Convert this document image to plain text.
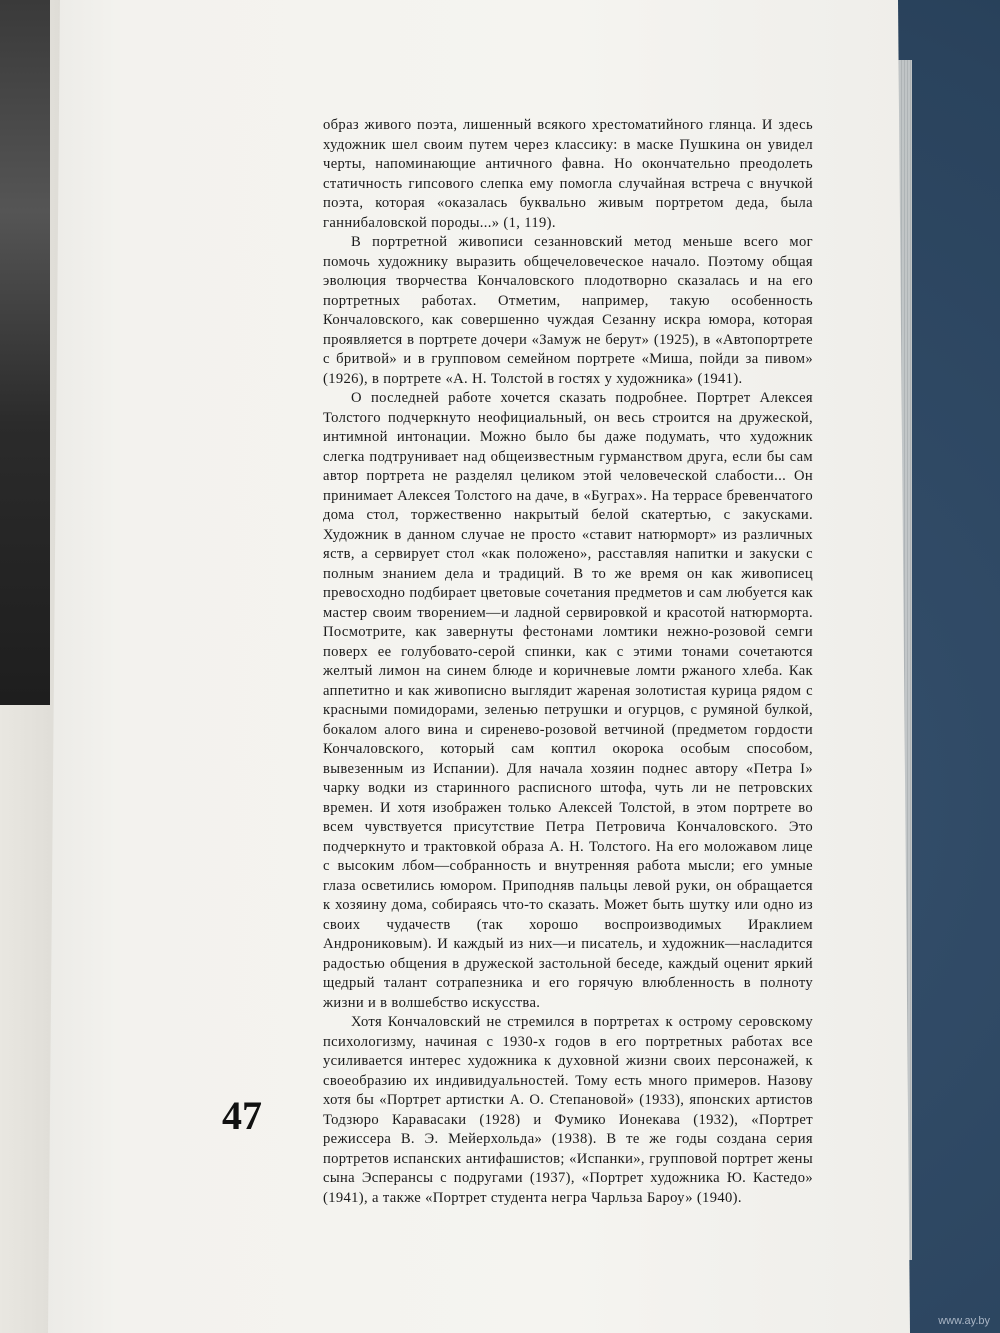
образ живого поэта, лишенный всякого хрестоматийного глянца. И здесь художник шел своим путем через классику: в маске Пушкина он увидел черты, напоминающие античного фавна. Но окончательно преодолеть статичность гипсового слепка ему помогла случайная встреча с внучкой поэта, которая «оказалась буквально живым портретом деда, была ганнибаловской породы...» (1, 119).

В портретной живописи сезанновский метод меньше всего мог помочь художнику выразить общечеловеческое начало. Поэтому общая эволюция творчества Кончаловского плодотворно сказалась и на его портретных работах. Отметим, например, такую особенность Кончаловского, как совершенно чуждая Сезанну искра юмора, которая проявляется в портрете дочери «Замуж не берут» (1925), в «Автопортрете с бритвой» и в групповом семейном портрете «Миша, пойди за пивом» (1926), в портрете «А. Н. Толстой в гостях у художника» (1941).

О последней работе хочется сказать подробнее. Портрет Алексея Толстого подчеркнуто неофициальный, он весь строится на дружеской, интимной интонации. Можно было бы даже подумать, что художник слегка подтрунивает над общеизвестным гурманством друга, если бы сам автор портрета не разделял целиком этой человеческой слабости... Он принимает Алексея Толстого на даче, в «Буграх». На террасе бревенчатого дома стол, торжественно накрытый белой скатертью, с закусками. Художник в данном случае не просто «ставит натюрморт» из различных яств, а сервирует стол «как положено», расставляя напитки и закуски с полным знанием дела и традиций. В то же время он как живописец превосходно подбирает цветовые сочетания предметов и сам любуется как мастер своим творением—и ладной сервировкой и красотой натюрморта. Посмотрите, как завернуты фестонами ломтики нежно-розовой семги поверх ее голубовато-серой спинки, как с этими тонами сочетаются желтый лимон на синем блюде и коричневые ломти ржаного хлеба. Как аппетитно и как живописно выглядит жареная золотистая курица рядом с красными помидорами, зеленью петрушки и огурцов, с румяной булкой, бокалом алого вина и сиренево-розовой ветчиной (предметом гордости Кончаловского, который сам коптил окорока особым способом, вывезенным из Испании). Для начала хозяин поднес автору «Петра I» чарку водки из старинного расписного штофа, чуть ли не петровских времен. И хотя изображен только Алексей Толстой, в этом портрете во всем чувствуется присутствие Петра Петровича Кончаловского. Это подчеркнуто и трактовкой образа А. Н. Толстого. На его моложавом лице с высоким лбом—собранность и внутренняя работа мысли; его умные глаза осветились юмором. Приподняв пальцы левой руки, он обращается к хозяину дома, собираясь что-то сказать. Может быть шутку или одно из своих чудачеств (так хорошо воспроизводимых Ираклием Андрониковым). И каждый из них—и писатель, и художник—насладится радостью общения в дружеской застольной беседе, каждый оценит яркий щедрый талант сотрапезника и его горячую влюбленность в полноту жизни и в волшебство искусства.

Хотя Кончаловский не стремился в портретах к острому серовскому психологизму, начиная с 1930-х годов в его портретных работах все усиливается интерес художника к духовной жизни своих персонажей, к своеобразию их индивидуальностей. Тому есть много примеров. Назову хотя бы «Портрет артистки А. О. Степановой» (1933), японских артистов Тодзюро Каравасаки (1928) и Фумико Ионекава (1932), «Портрет режиссера В. Э. Мейерхольда» (1938). В те же годы создана серия портретов испанских антифашистов; «Испанки», групповой портрет жены сына Эсперансы с подругами (1937), «Портрет художника Ю. Кастедо» (1941), а также «Портрет студента негра Чарльза Бароу» (1940).

47
www.ay.by
